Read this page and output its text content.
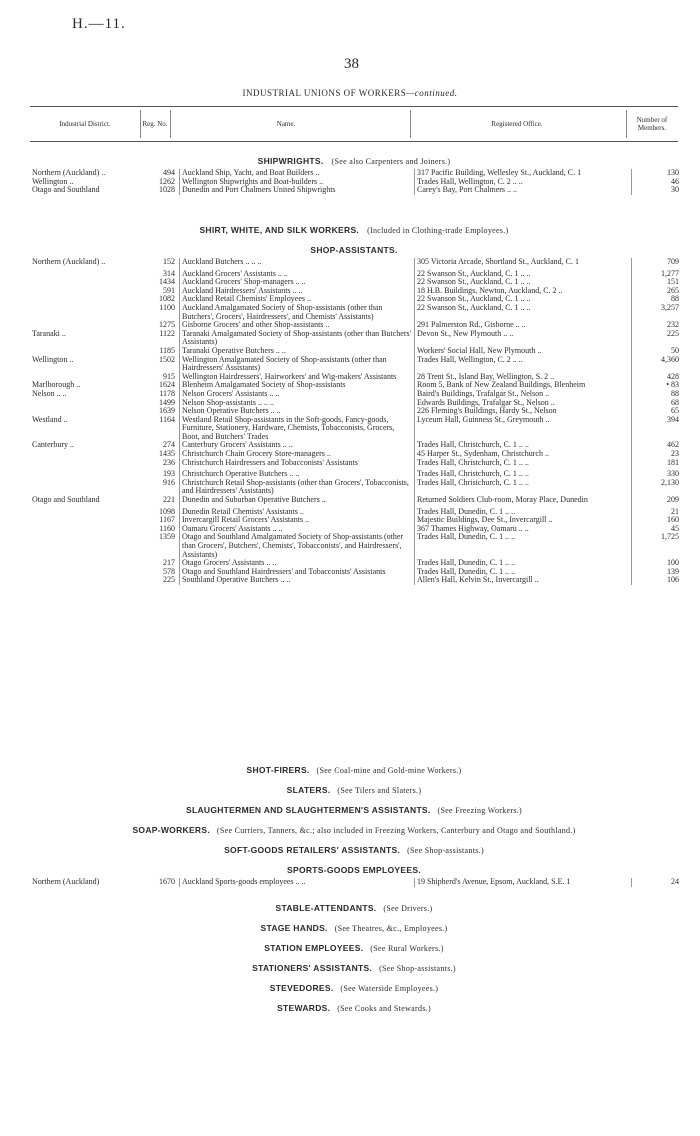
H.—11.
38
INDUSTRIAL UNIONS OF WORKERS—continued.
Industrial District.	Reg. No.	Name.	Registered Office.	Number of Members.
SHIPWRIGHTS. (See also Carpenters and Joiners.)
Northern (Auckland) ..	494	Auckland Ship, Yacht, and Boat Builders ..	317 Pacific Building, Wellesley St., Auckland, C. 1	130
Wellington ..	1262	Wellington Shipwrights and Boat-builders ..	Trades Hall, Wellington, C. 2 .. ..	46
Otago and Southland	1028	Dunedin and Port Chalmers United Shipwrights	Carey's Bay, Port Chalmers .. ..	30
SHIRT, WHITE, AND SILK WORKERS. (Included in Clothing-trade Employees.)
SHOP-ASSISTANTS.
Northern (Auckland) ..	152	Auckland Butchers .. .. ..	305 Victoria Arcade, Shortland St., Auckland, C. 1	709
	314	Auckland Grocers' Assistants .. ..	22 Swanson St., Auckland, C. 1 .. ..	1,277
	1434	Auckland Grocers' Shop-managers .. ..	22 Swanson St., Auckland, C. 1 .. ..	151
	591	Auckland Hairdressers' Assistants .. ..	18 H.B. Buildings, Newton, Auckland, C. 2 ..	265
	1082	Auckland Retail Chemists' Employees ..	22 Swanson St., Auckland, C. 1 .. ..	88
	1100	Auckland Amalgamated Society of Shop-assistants (other than Butchers', Grocers', Hairdressers', and Chemists' Assistants)	22 Swanson St., Auckland, C. 1 .. ..	3,257
	1275	Gisborne Grocers' and other Shop-assistants ..	291 Palmerston Rd., Gisborne .. ..	232
Taranaki ..	1122	Taranaki Amalgamated Society of Shop-assistants (other than Butchers' Assistants)	Devon St., New Plymouth .. ..	225
	1185	Taranaki Operative Butchers .. ..	Workers' Social Hall, New Plymouth ..	50
Wellington ..	1502	Wellington Amalgamated Society of Shop-assistants (other than Hairdressers' Assistants)	Trades Hall, Wellington, C. 2 .. ..	4,360
	915	Wellington Hairdressers', Hairworkers' and Wig-makers' Assistants	28 Trent St., Island Bay, Wellington, S. 2 ..	428
Marlborough ..	1624	Blenheim Amalgamated Society of Shop-assistants	Room 5, Bank of New Zealand Buildings, Blenheim	• 83
Nelson .. ..	1178	Nelson Grocers' Assistants .. ..	Baird's Buildings, Trafalgar St., Nelson ..	88
	1499	Nelson Shop-assistants .. .. ..	Edwards Buildings, Trafalgar St., Nelson ..	68
	1639	Nelson Operative Butchers .. ..	226 Fleming's Buildings, Hardy St., Nelson	65
Westland ..	1164	Westland Retail Shop-assistants in the Soft-goods, Fancy-goods, Furniture, Stationery, Hardware, Chemists, Tobacconists, Grocers, Boot, and Butchers' Trades	Lyceum Hall, Guinness St., Greymouth ..	394
Canterbury ..	274	Canterbury Grocers' Assistants .. ..	Trades Hall, Christchurch, C. 1 .. ..	462
	1435	Christchurch Chain Grocery Store-managers ..	45 Harper St., Sydenham, Christchurch ..	23
	236	Christchurch Hairdressers and Tobacconists' Assistants	Trades Hall, Christchurch, C. 1 .. ..	181
	193	Christchurch Operative Butchers .. ..	Trades Hall, Christchurch, C. 1 .. ..	330
	916	Christchurch Retail Shop-assistants (other than Grocers', Tobacconists, and Hairdressers' Assistants)	Trades Hall, Christchurch, C. 1 .. ..	2,130
Otago and Southland	221	Dunedin and Suburban Operative Butchers ..	Returned Soldiers Club-room, Moray Place, Dunedin	209
	1098	Dunedin Retail Chemists' Assistants ..	Trades Hall, Dunedin, C. 1 .. ..	21
	1167	Invercargill Retail Grocers' Assistants ..	Majestic Buildings, Dee St., Invercargill ..	160
	1160	Oamaru Grocers' Assistants .. ..	367 Thames Highway, Oamaru .. ..	45
	1359	Otago and Southland Amalgamated Society of Shop-assistants (other than Grocers', Butchers', Chemists', Tobacconists', and Hairdressers', Assistants)	Trades Hall, Dunedin, C. 1 .. ..	1,725
	217	Otago Grocers' Assistants .. ..	Trades Hall, Dunedin, C. 1 .. ..	100
	578	Otago and Southland Hairdressers' and Tobacconists' Assistants	Trades Hall, Dunedin, C. 1 .. ..	139
	225	Southland Operative Butchers .. ..	Allen's Hall, Kelvin St., Invercargill ..	106
SHOT-FIRERS.   (See Coal-mine and Gold-mine Workers.)
SLATERS.   (See Tilers and Slaters.)
SLAUGHTERMEN AND SLAUGHTERMEN'S ASSISTANTS.   (See Freezing Workers.)
SOAP-WORKERS.   (See Curriers, Tanners, &c.; also included in Freezing Workers, Canterbury and Otago and Southland.)
SOFT-GOODS RETAILERS' ASSISTANTS.   (See Shop-assistants.)
SPORTS-GOODS EMPLOYEES.
Northern (Auckland)	1670	Auckland Sports-goods employees .. ..	19 Shipherd's Avenue, Epsom, Auckland, S.E. 1	24
STABLE-ATTENDANTS.   (See Drivers.)
STAGE HANDS.   (See Theatres, &c., Employees.)
STATION EMPLOYEES.   (See Rural Workers.)
STATIONERS' ASSISTANTS.   (See Shop-assistants.)
STEVEDORES.   (See Waterside Employees.)
STEWARDS.   (See Cooks and Stewards.)
